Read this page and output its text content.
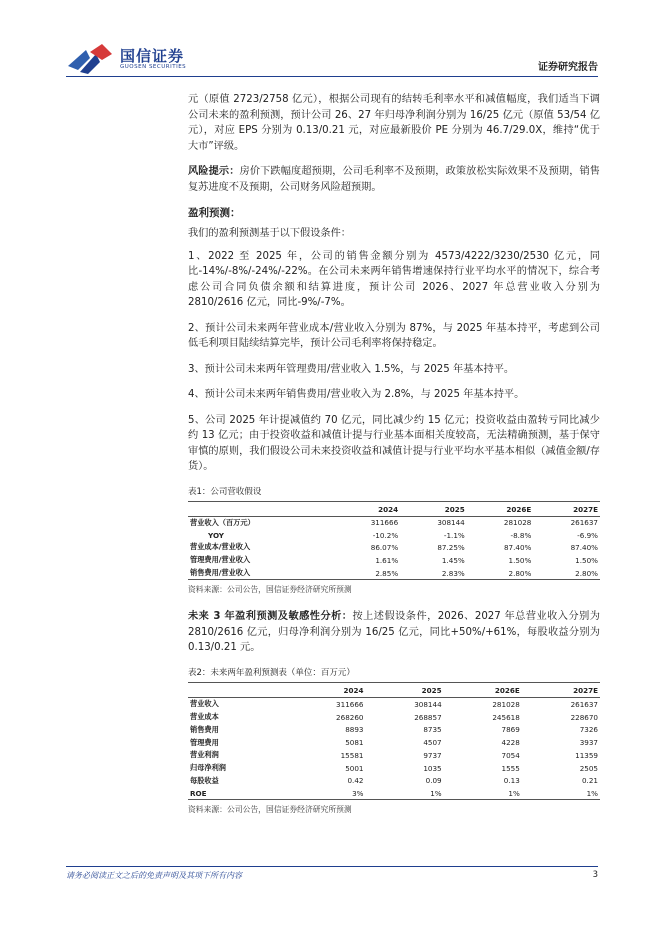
国信证券
GUOSEN SECURITIES	证券研究报告

元（原值 2723/2758 亿元），根据公司现有的结转毛利率水平和减值幅度，我们适当下调公司未来的盈利预测，预计公司 26、27 年归母净利润分别为 16/25 亿元（原值 53/54 亿元），对应 EPS 分别为 0.13/0.21 元，对应最新股价 PE 分别为 46.7/29.0X，维持“优于大市”评级。

风险提示：房价下跌幅度超预期，公司毛利率不及预期，政策放松实际效果不及预期，销售复苏进度不及预期，公司财务风险超预期。

盈利预测：

我们的盈利预测基于以下假设条件：

1、2022 至 2025 年，公司的销售金额分别为 4573/4222/3230/2530 亿元，同比-14%/-8%/-24%/-22%。在公司未来两年销售增速保持行业平均水平的情况下，综合考虑公司合同负债余额和结算进度，预计公司 2026、2027 年总营业收入分别为 2810/2616 亿元，同比-9%/-7%。

2、预计公司未来两年营业成本/营业收入分别为 87%，与 2025 年基本持平，考虑到公司低毛利项目陆续结算完毕，预计公司毛利率将保持稳定。

3、预计公司未来两年管理费用/营业收入 1.5%，与 2025 年基本持平。

4、预计公司未来两年销售费用/营业收入为 2.8%，与 2025 年基本持平。

5、公司 2025 年计提减值约 70 亿元，同比减少约 15 亿元；投资收益由盈转亏同比减少约 13 亿元；由于投资收益和减值计提与行业基本面相关度较高，无法精确预测，基于保守审慎的原则，我们假设公司未来投资收益和减值计提与行业平均水平基本相似（减值金额/存货）。

表1：公司营收假设
	2024	2025	2026E	2027E
营业收入（百万元）	311666	308144	281028	261637
YOY	-10.2%	-1.1%	-8.8%	-6.9%
营业成本/营业收入	86.07%	87.25%	87.40%	87.40%
管理费用/营业收入	1.61%	1.45%	1.50%	1.50%
销售费用/营业收入	2.85%	2.83%	2.80%	2.80%
资料来源：公司公告，国信证券经济研究所预测

未来 3 年盈利预测及敏感性分析：按上述假设条件，2026、2027 年总营业收入分别为 2810/2616 亿元，归母净利润分别为 16/25 亿元，同比+50%/+61%，每股收益分别为 0.13/0.21 元。

表2：未来两年盈利预测表（单位：百万元）
	2024	2025	2026E	2027E
营业收入	311666	308144	281028	261637
营业成本	268260	268857	245618	228670
销售费用	8893	8735	7869	7326
管理费用	5081	4507	4228	3937
营业利润	15581	9737	7054	11359
归母净利润	5001	1035	1555	2505
每股收益	0.42	0.09	0.13	0.21
ROE	3%	1%	1%	1%
资料来源：公司公告，国信证券经济研究所预测
请务必阅读正文之后的免责声明及其项下所有内容	3
